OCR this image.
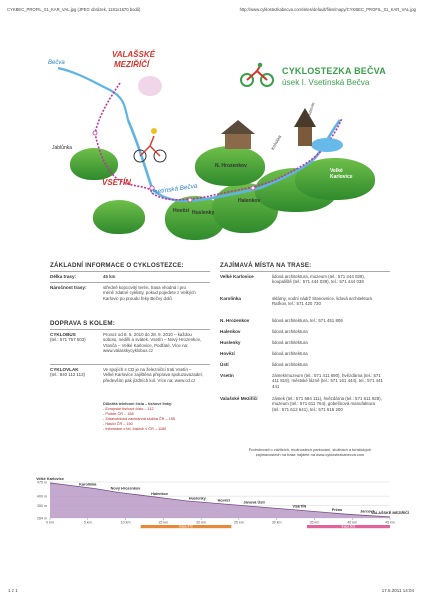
CYKBEC_PROFIL_01_KAR_VAL.jpg (JPEG obrázek, 1181x1670 bodů)	http://www.cyklostezkabecva.com/sites/default/files/mapy/CYKBEC_PROFIL_01_KAR_VAL.jpg
VALAŠSKÉ
MEZIŘÍČÍ
Bečva
Jablůnka
VSETÍN
Vsetínská Bečva
N. Hrozenkov
Karolinka
Velké Karlovice
Halenkov
Hovězí Huslenky
Kohútka
muzeum
CYKLOSTEZKA BEČVA
úsek I. Vsetínská Bečva
ZÁKLADNÍ INFORMACE O CYKLOSTEZCE:
Délka trasy:	45 km
Náročnost trasy:	středně kopcovitý terén, trasa vhodná i pro méně zdatné cyklisty, pokud pojedete z Velkých Karlovic po proudu řeky Bečvy dolů
DOPRAVA S KOLEM:
CYKLOBUS
(tel.: 571 757 503)
Provoz od 8. 5. 2010 do 28. 9. 2010 – každou sobotu, neděli a svátek. Vsetín – Nový Hrozenkov, Vranča – Velké Karlovice, Podťaté. Více na: www.valasskycyklobus.cz
CYKLOVLAK
(tel.: 840 112 113)
Ve spojích s CD je na železniční trati Vsetín – Velké Karlovice zajištěna přeprava spoluzavazadel, především pak jízdních kol. Více na: www.cd.cz
Důležitá telefonní čísla – tísňové linky:
- Evropské tísňové číslo – 112
- Policie ČR – 158
- Zdravotnická záchranná služba ČR – 155
- Hasiči ČR – 150
- Informace o tel. číslech v ČR – 1180
ZAJÍMAVÁ MÍSTA NA TRASE:
Velké Karlovice	lidová architektura, muzeum (tel.: 571 444 039), koupaliště (tel.: 571 444 039), tel.: 571 444 039
Karolinka	sklárny, vodní nádrž Stanovnice, lidová architektura Raťkov, tel.: 571 420 730
N. Hrozenkov	lidová architektura, tel.: 571 451 806
Halenkov	lidová architektura
Huslenky	lidová architektura
Hovězí	lidová architektura
Ústí	lidová architektura
Vsetín	zámek/muzeum (tel.: 571 411 690), hvězdárna (tel.: 571 411 819), městské lázně (tel.: 571 161 444), tel.: 571 441 441
Valašské Meziříčí	zámek (tel.: 571 684 111), hvězdárna (tel.: 571 611 928), muzeum (tel.: 571 611 764), gobelínová manufaktura (tel.: 571 612 641), tel.: 571 615 200
Podrobnosti o zážitcích, možnostech parkování, službách a turistických zajímavostech na trase najdete na www.cyklostezkabecva.com
475 m
400 m
350 m
284 m
0 km	5 km	10 km	15 km	20 km	25 km	30 km	35 km	40 km	45 km
Velké Karlovice
Karolinka
Nový Hrozenkov
Halenkov
Huslenky	Hovězí	Janová Ústí
VSETÍN
Pržno	Jarcová
VALAŠSKÉ MEZIŘÍČÍ
trasa 472	trasa 501
1 z 1	17.5.2011 14:04
